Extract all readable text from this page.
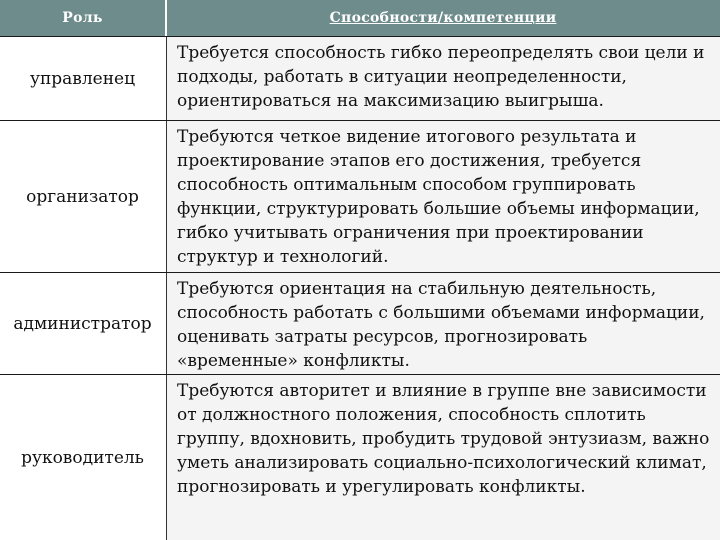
Роль	Способности/компетенции
управленец
Требуется способность гибко переопределять свои цели и подходы, работать в ситуации неопределенности, ориентироваться на максимизацию выигрыша.
организатор
Требуются четкое видение итогового результата и проектирование этапов его достижения, требуется способность оптимальным способом группировать функции, структурировать большие объемы информации, гибко учитывать ограничения при проектировании структур и технологий.
администратор
Требуются ориентация на стабильную деятельность, способность работать с большими объемами информации, оценивать затраты ресурсов, прогнозировать «временные» конфликты.
руководитель
Требуются авторитет и влияние в группе вне зависимости от должностного положения, способность сплотить группу, вдохновить, пробудить трудовой энтузиазм, важно уметь анализировать социально-психологический климат, прогнозировать и урегулировать конфликты.
